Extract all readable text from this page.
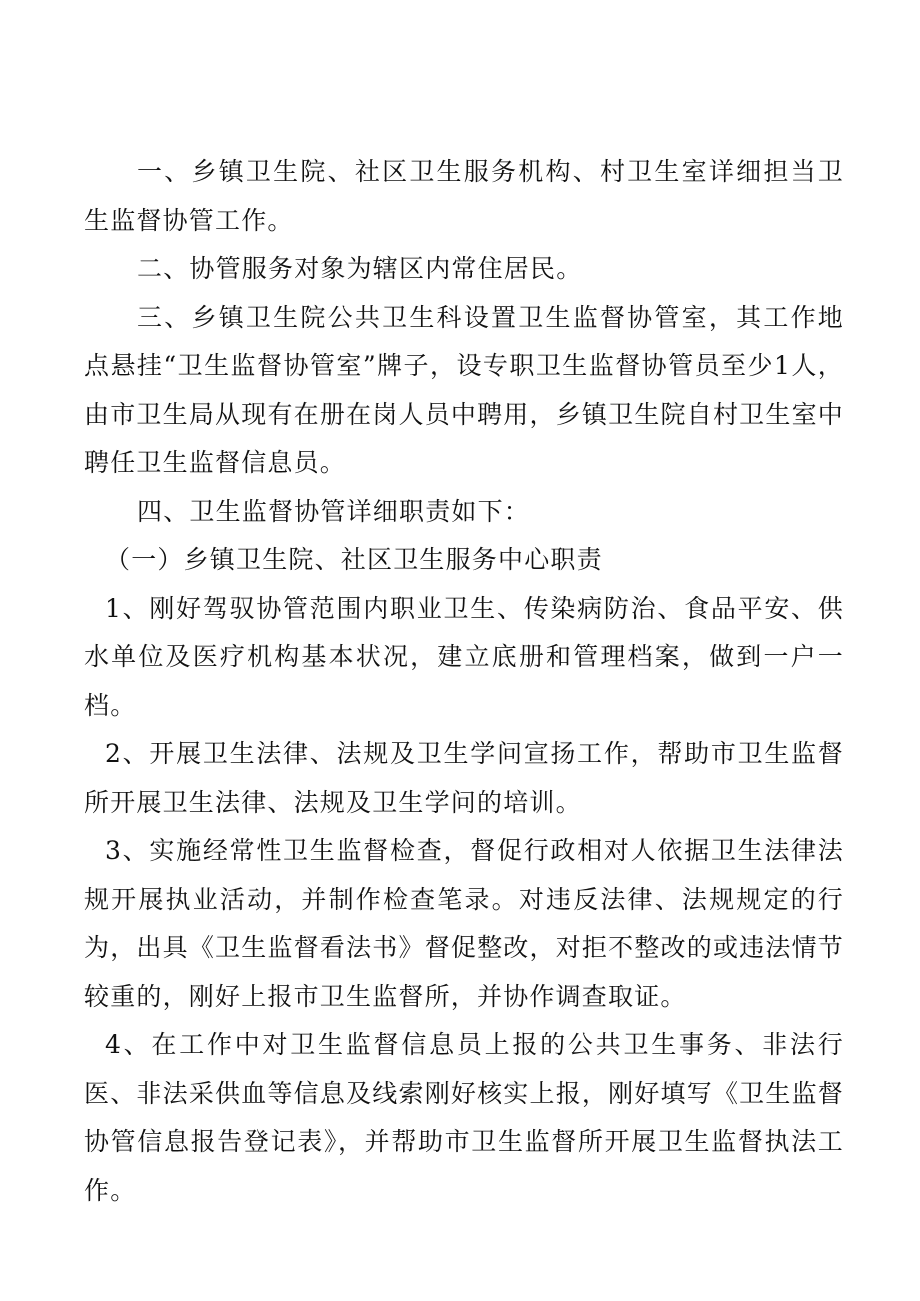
一、乡镇卫生院、社区卫生服务机构、村卫生室详细担当卫生监督协管工作。

二、协管服务对象为辖区内常住居民。

三、乡镇卫生院公共卫生科设置卫生监督协管室，其工作地点悬挂“卫生监督协管室”牌子，设专职卫生监督协管员至少1人，由市卫生局从现有在册在岗人员中聘用，乡镇卫生院自村卫生室中聘任卫生监督信息员。

四、卫生监督协管详细职责如下：

（一）乡镇卫生院、社区卫生服务中心职责

1、刚好驾驭协管范围内职业卫生、传染病防治、食品平安、供水单位及医疗机构基本状况，建立底册和管理档案，做到一户一档。

2、开展卫生法律、法规及卫生学问宣扬工作，帮助市卫生监督所开展卫生法律、法规及卫生学问的培训。

3、实施经常性卫生监督检查，督促行政相对人依据卫生法律法规开展执业活动，并制作检查笔录。对违反法律、法规规定的行为，出具《卫生监督看法书》督促整改，对拒不整改的或违法情节较重的，刚好上报市卫生监督所，并协作调查取证。

4、在工作中对卫生监督信息员上报的公共卫生事务、非法行医、非法采供血等信息及线索刚好核实上报，刚好填写《卫生监督协管信息报告登记表》，并帮助市卫生监督所开展卫生监督执法工作。
